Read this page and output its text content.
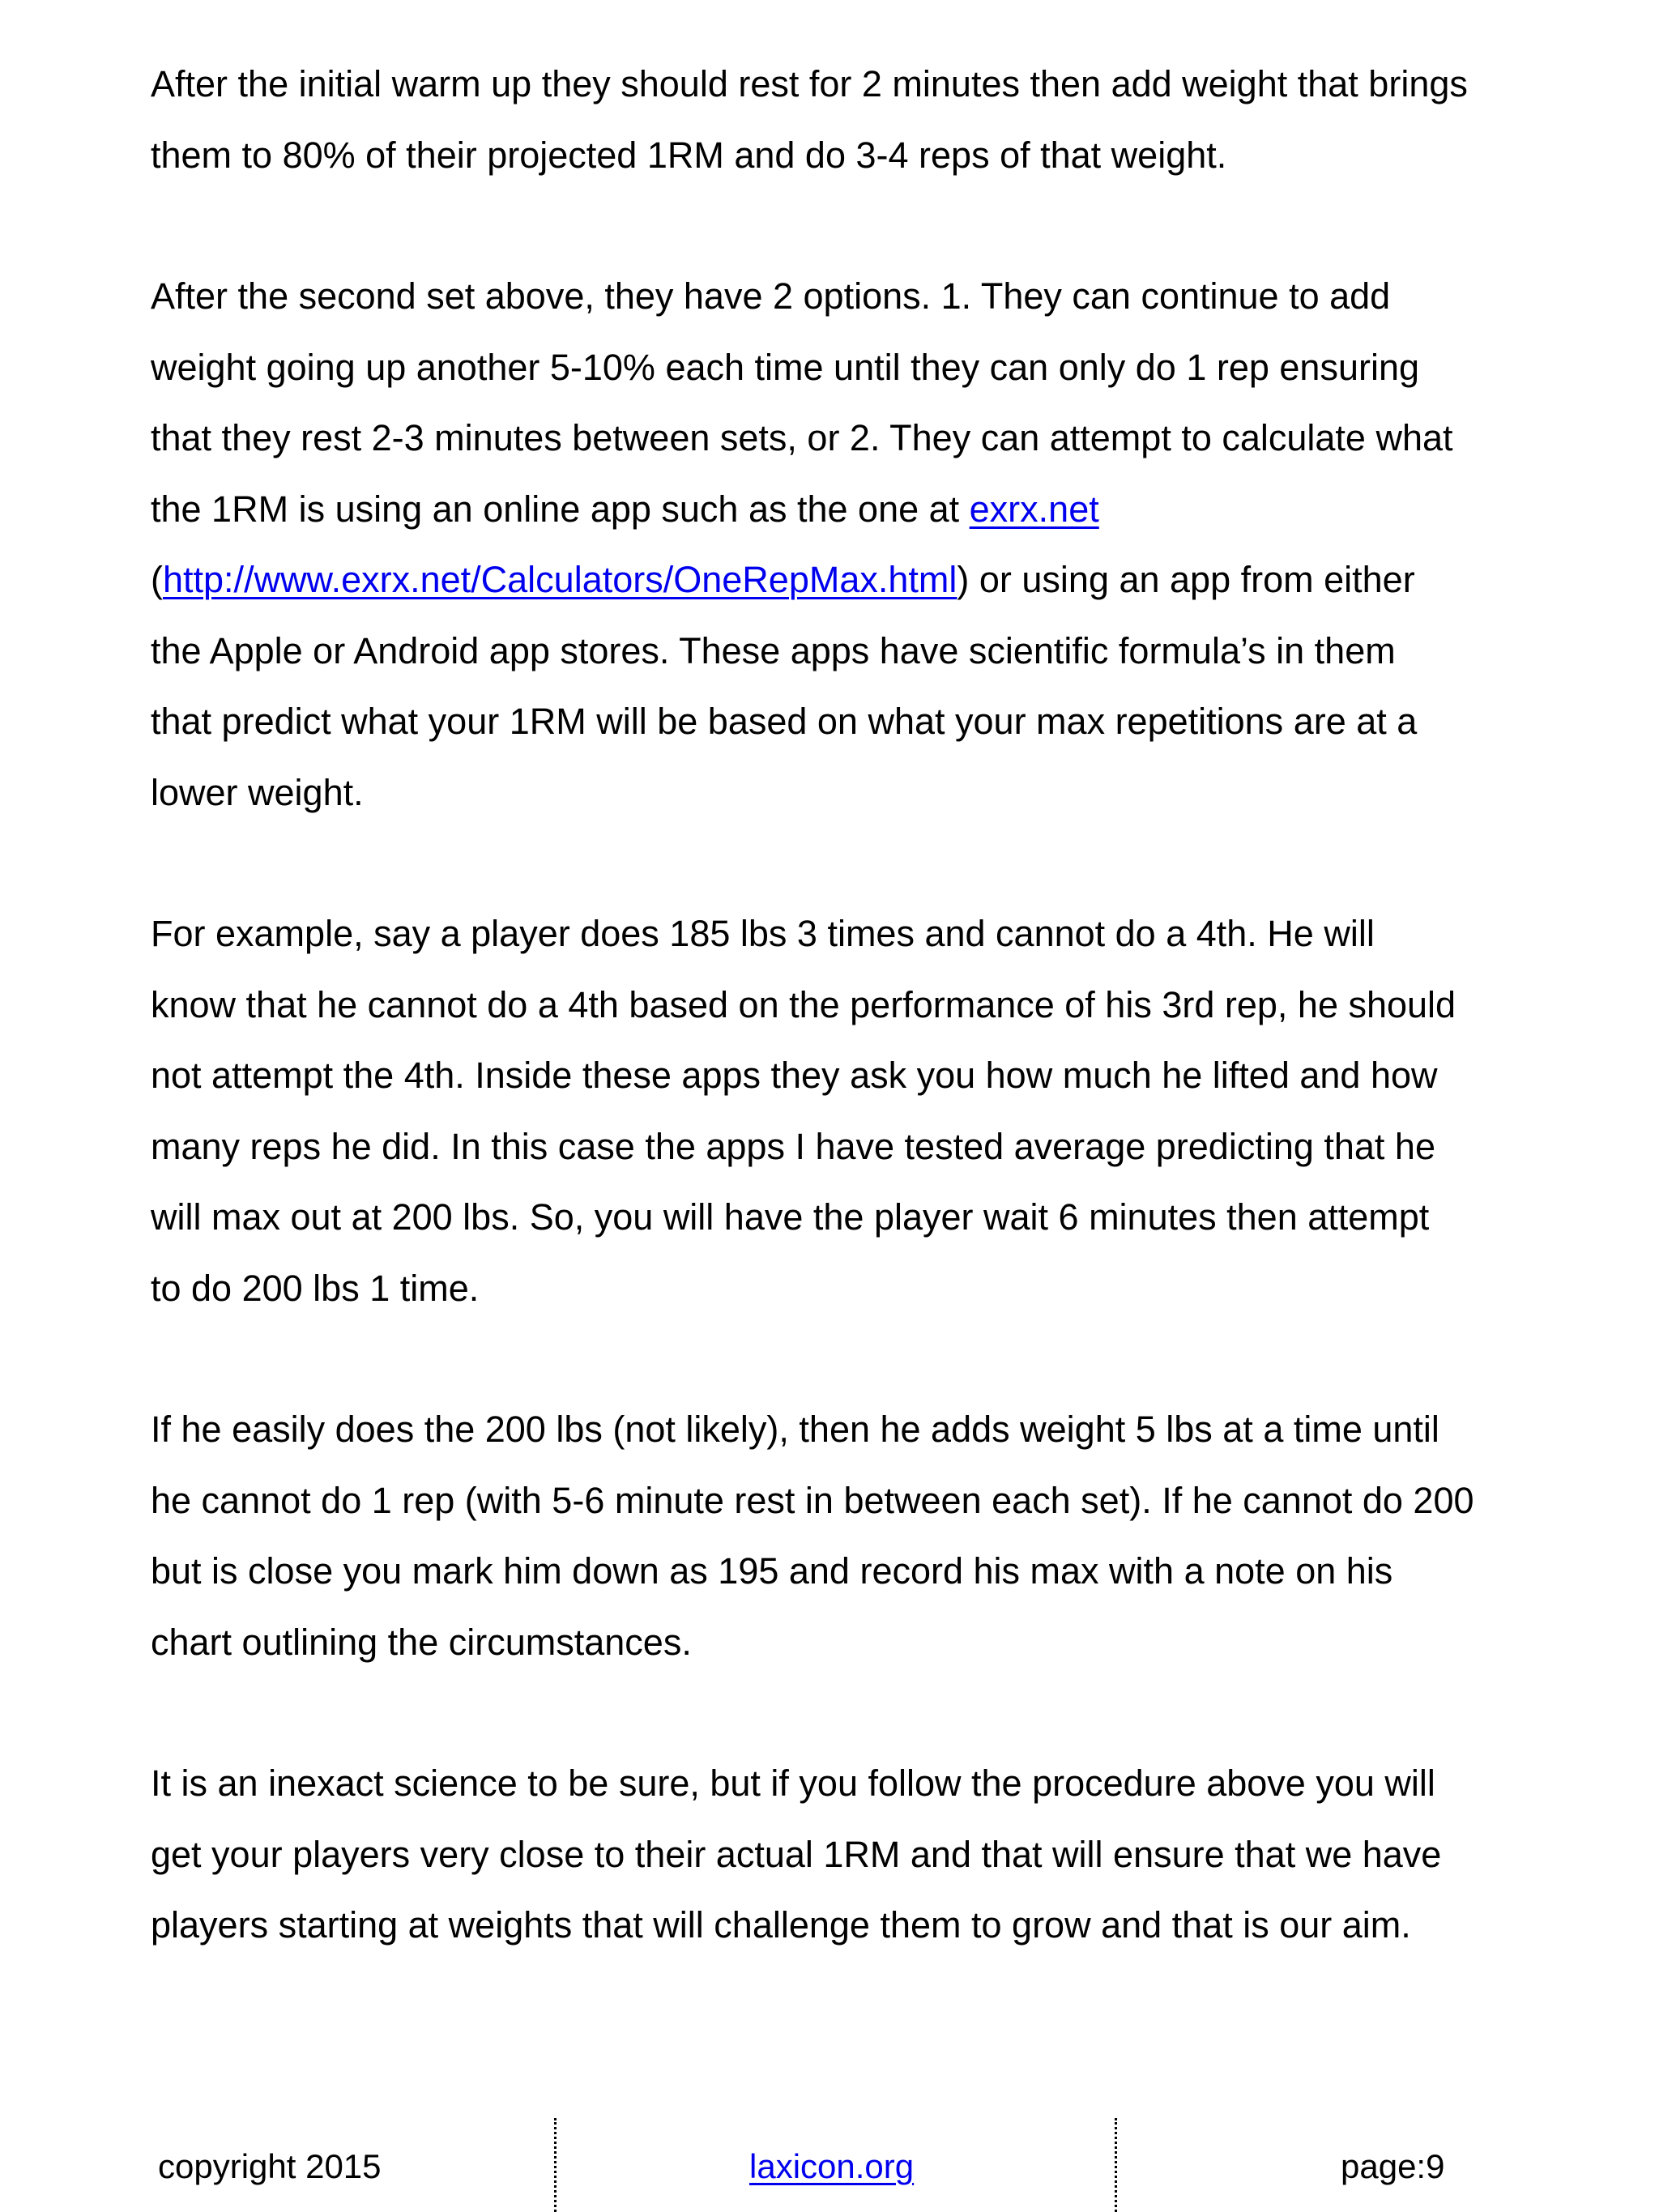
After the initial warm up they should rest for 2 minutes then add weight that brings
them to 80% of their projected 1RM and do 3-4 reps of that weight.
After the second set above, they have 2 options. 1. They can continue to add
weight going up another 5-10% each time until they can only do 1 rep ensuring
that they rest 2-3 minutes between sets, or 2. They can attempt to calculate what
the 1RM is using an online app such as the one at exrx.net
(http://www.exrx.net/Calculators/OneRepMax.html) or using an app from either
the Apple or Android app stores. These apps have scientific formula’s in them
that predict what your 1RM will be based on what your max repetitions are at a
lower weight.
For example, say a player does 185 lbs 3 times and cannot do a 4th. He will
know that he cannot do a 4th based on the performance of his 3rd rep, he should
not attempt the 4th. Inside these apps they ask you how much he lifted and how
many reps he did. In this case the apps I have tested average predicting that he
will max out at 200 lbs. So, you will have the player wait 6 minutes then attempt
to do 200 lbs 1 time.
If he easily does the 200 lbs (not likely), then he adds weight 5 lbs at a time until
he cannot do 1 rep (with 5-6 minute rest in between each set). If he cannot do 200
but is close you mark him down as 195 and record his max with a note on his
chart outlining the circumstances.
It is an inexact science to be sure, but if you follow the procedure above you will
get your players very close to their actual 1RM and that will ensure that we have
players starting at weights that will challenge them to grow and that is our aim.
copyright 2015	laxicon.org	page:9
